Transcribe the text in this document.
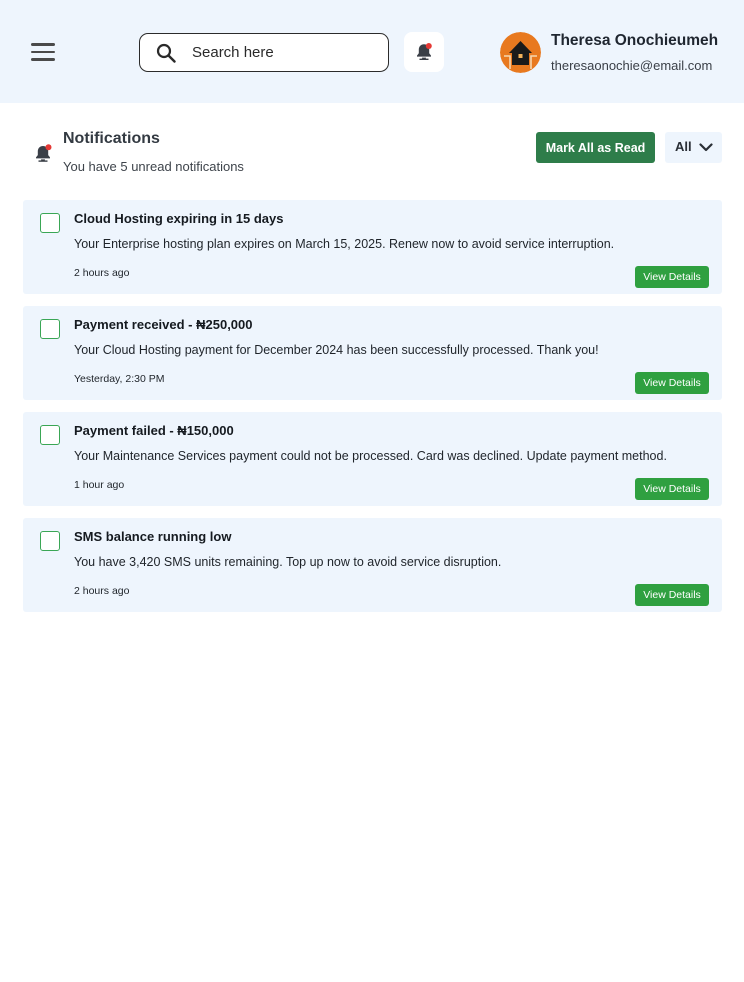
Search here
Theresa Onochieumeh
theresaonochie@email.com
Notifications
You have 5 unread notifications
Mark All as Read	All
Cloud Hosting expiring in 15 days
Your Enterprise hosting plan expires on March 15, 2025. Renew now to avoid service interruption.
2 hours ago	View Details
Payment received - ₦250,000
Your Cloud Hosting payment for December 2024 has been successfully processed. Thank you!
Yesterday, 2:30 PM	View Details
Payment failed - ₦150,000
Your Maintenance Services payment could not be processed. Card was declined. Update payment method.
1 hour ago	View Details
SMS balance running low
You have 3,420 SMS units remaining. Top up now to avoid service disruption.
2 hours ago	View Details
